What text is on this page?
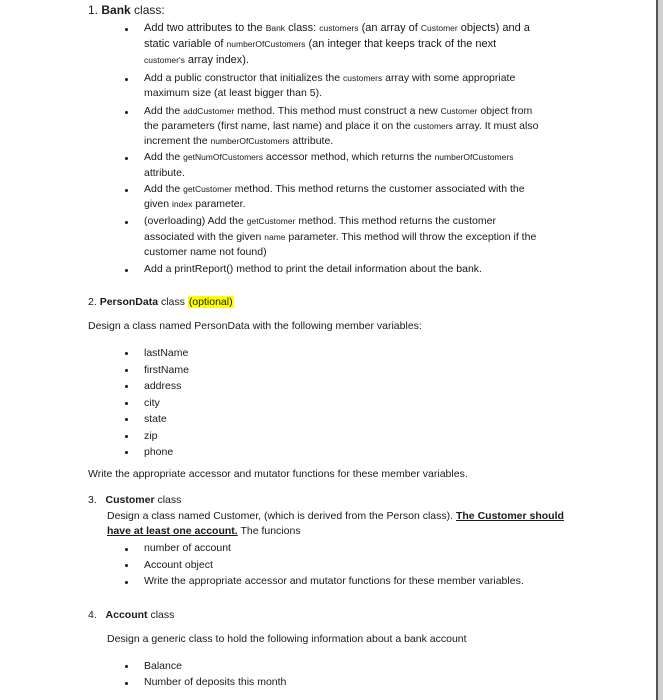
1. Bank class:
Add two attributes to the Bank class: customers (an array of Customer objects) and a
static variable of numberOfCustomers (an integer that keeps track of the next
customer's array index).
Add a public constructor that initializes the customers array with some appropriate
maximum size (at least bigger than 5).
Add the addCustomer method. This method must construct a new Customer object from
the parameters (first name, last name) and place it on the customers array. It must also
increment the numberOfCustomers attribute.
Add the getNumOfCustomers accessor method, which returns the numberOfCustomers
attribute.
Add the getCustomer method. This method returns the customer associated with the
given index parameter.
(overloading) Add the getCustomer method. This method returns the customer
associated with the given name parameter. This method will throw the exception if the
customer name not found)
Add a printReport() method to print the detail information about the bank.
2. PersonData class (optional)
Design a class named PersonData with the following member variables:
lastName
firstName
address
city
state
zip
phone
Write the appropriate accessor and mutator functions for these member variables.
3. Customer class
Design a class named Customer, (which is derived from the Person class). The Customer should
have at least one account. The funcions
number of account
Account object
Write the appropriate accessor and mutator functions for these member variables.
4. Account class
Design a generic class to hold the following information about a bank account
Balance
Number of deposits this month
